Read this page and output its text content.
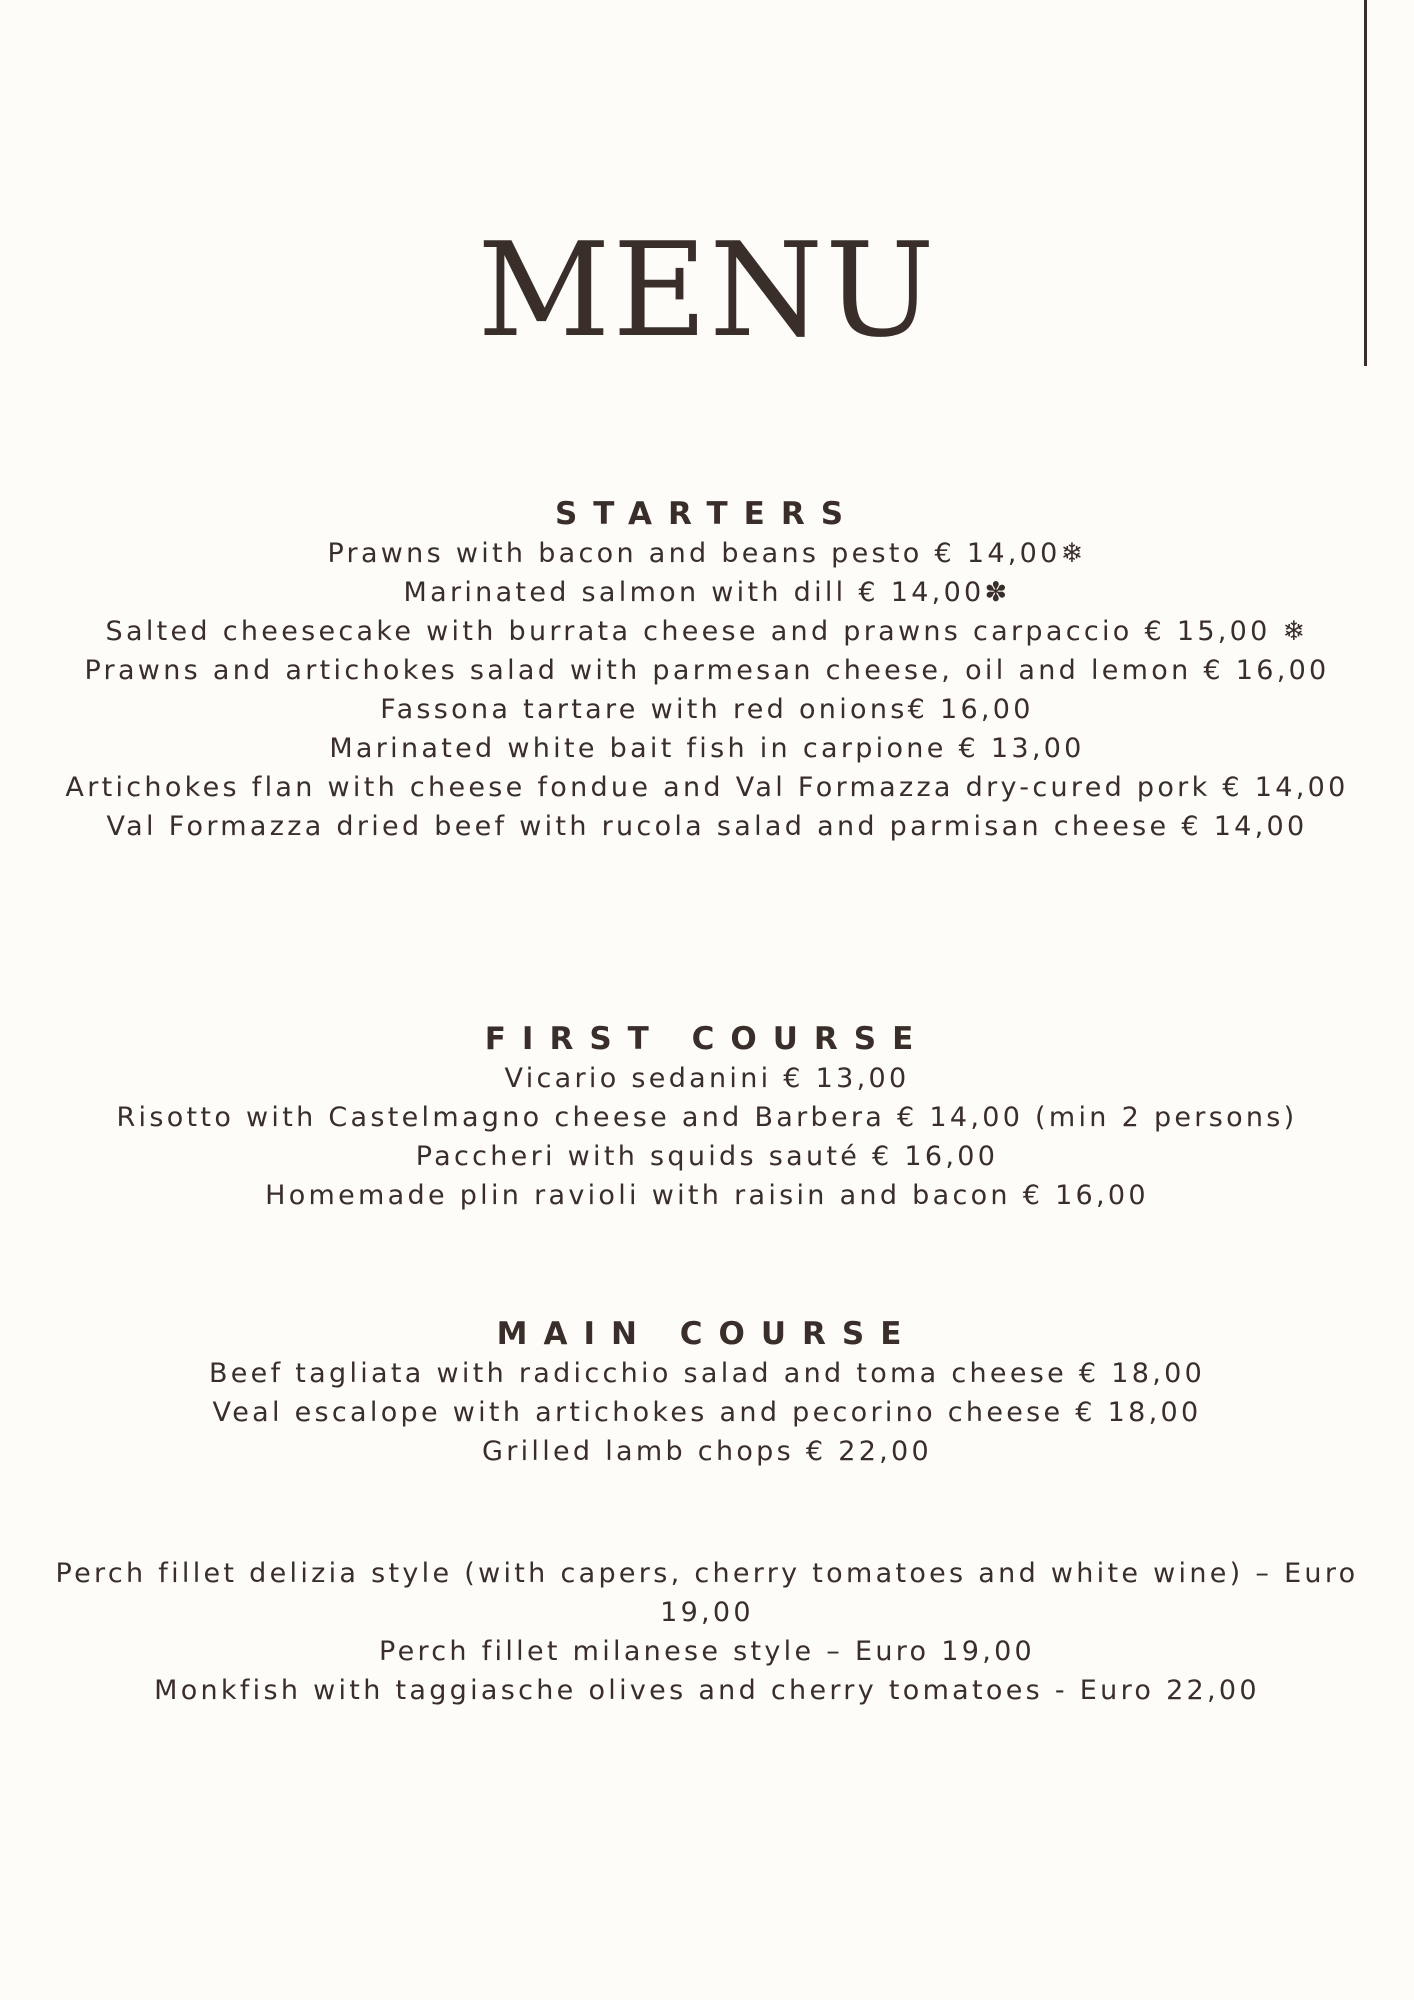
MENU
STARTERS

Prawns with bacon and beans pesto € 14,00❄

Marinated salmon with dill € 14,00✽

Salted cheesecake with burrata cheese and prawns carpaccio € 15,00 ❄

Prawns and artichokes salad with parmesan cheese, oil and lemon € 16,00

Fassona tartare with red onions€ 16,00

Marinated white bait fish in carpione € 13,00

Artichokes flan with cheese fondue and Val Formazza dry-cured pork € 14,00

Val Formazza dried beef with rucola salad and parmisan cheese € 14,00

FIRST COURSE

Vicario sedanini € 13,00

Risotto with Castelmagno cheese and Barbera € 14,00 (min 2 persons)

Paccheri with squids sauté € 16,00

Homemade plin ravioli with raisin and bacon € 16,00

MAIN COURSE

Beef tagliata with radicchio salad and toma cheese € 18,00

Veal escalope with artichokes and pecorino cheese € 18,00

Grilled lamb chops € 22,00

Perch fillet delizia style (with capers, cherry tomatoes and white wine) – Euro 19,00

Perch fillet milanese style – Euro 19,00

Monkfish with taggiasche olives and cherry tomatoes - Euro 22,00
